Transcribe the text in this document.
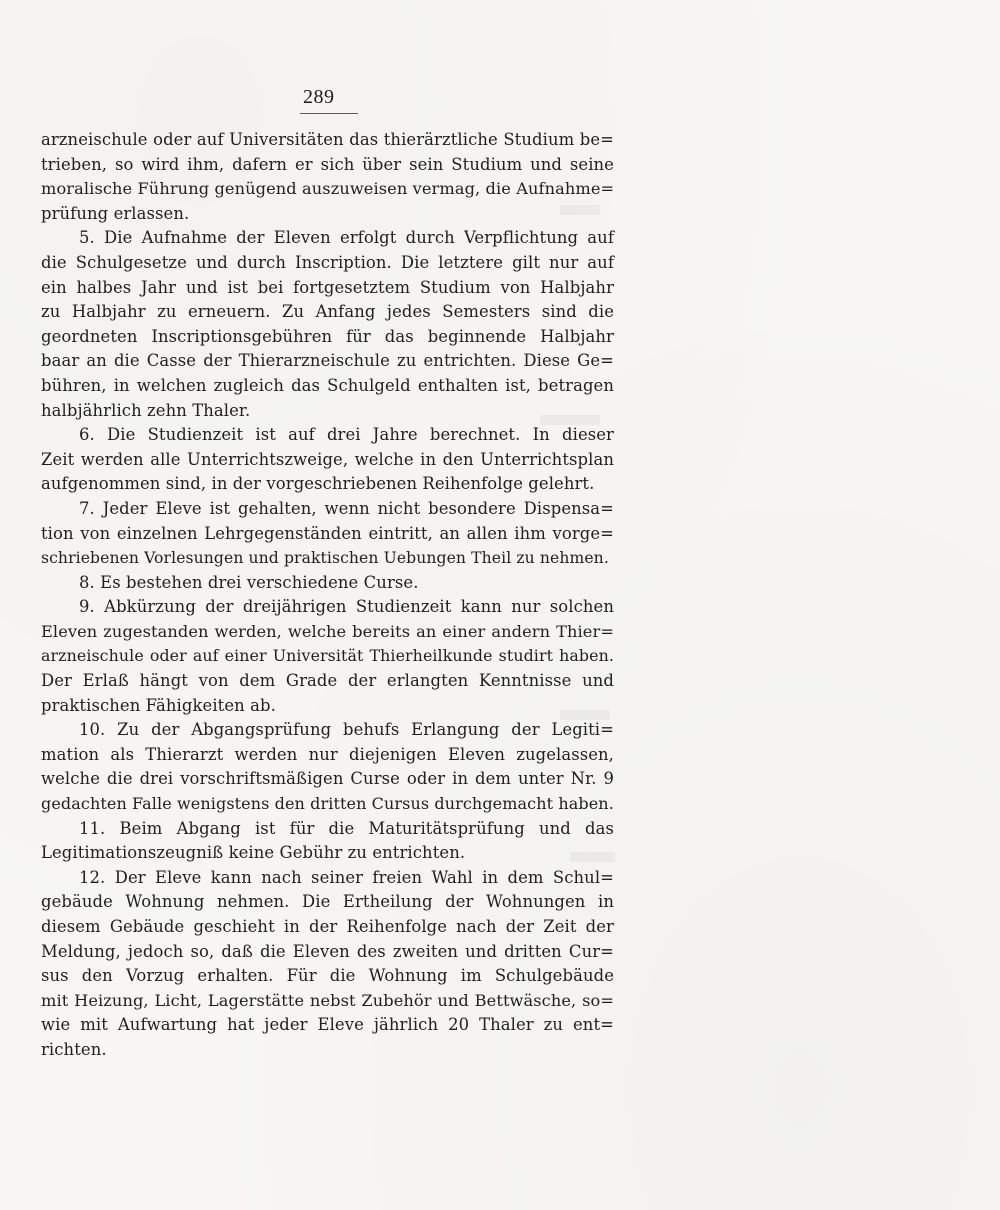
289
arzneischule oder auf Universitäten das thierärztliche Studium be=
trieben, so wird ihm, dafern er sich über sein Studium und seine
moralische Führung genügend auszuweisen vermag, die Aufnahme=
prüfung erlassen.
5. Die Aufnahme der Eleven erfolgt durch Verpflichtung auf
die Schulgesetze und durch Inscription. Die letztere gilt nur auf
ein halbes Jahr und ist bei fortgesetztem Studium von Halbjahr
zu Halbjahr zu erneuern. Zu Anfang jedes Semesters sind die
geordneten Inscriptionsgebühren für das beginnende Halbjahr
baar an die Casse der Thierarzneischule zu entrichten. Diese Ge=
bühren, in welchen zugleich das Schulgeld enthalten ist, betragen
halbjährlich zehn Thaler.
6. Die Studienzeit ist auf drei Jahre berechnet. In dieser
Zeit werden alle Unterrichtszweige, welche in den Unterrichtsplan
aufgenommen sind, in der vorgeschriebenen Reihenfolge gelehrt.
7. Jeder Eleve ist gehalten, wenn nicht besondere Dispensa=
tion von einzelnen Lehrgegenständen eintritt, an allen ihm vorge=
schriebenen Vorlesungen und praktischen Uebungen Theil zu nehmen.
8. Es bestehen drei verschiedene Curse.
9. Abkürzung der dreijährigen Studienzeit kann nur solchen
Eleven zugestanden werden, welche bereits an einer andern Thier=
arzneischule oder auf einer Universität Thierheilkunde studirt haben.
Der Erlaß hängt von dem Grade der erlangten Kenntnisse und
praktischen Fähigkeiten ab.
10. Zu der Abgangsprüfung behufs Erlangung der Legiti=
mation als Thierarzt werden nur diejenigen Eleven zugelassen,
welche die drei vorschriftsmäßigen Curse oder in dem unter Nr. 9
gedachten Falle wenigstens den dritten Cursus durchgemacht haben.
11. Beim Abgang ist für die Maturitätsprüfung und das
Legitimationszeugniß keine Gebühr zu entrichten.
12. Der Eleve kann nach seiner freien Wahl in dem Schul=
gebäude Wohnung nehmen. Die Ertheilung der Wohnungen in
diesem Gebäude geschieht in der Reihenfolge nach der Zeit der
Meldung, jedoch so, daß die Eleven des zweiten und dritten Cur=
sus den Vorzug erhalten. Für die Wohnung im Schulgebäude
mit Heizung, Licht, Lagerstätte nebst Zubehör und Bettwäsche, so=
wie mit Aufwartung hat jeder Eleve jährlich 20 Thaler zu ent=
richten.
